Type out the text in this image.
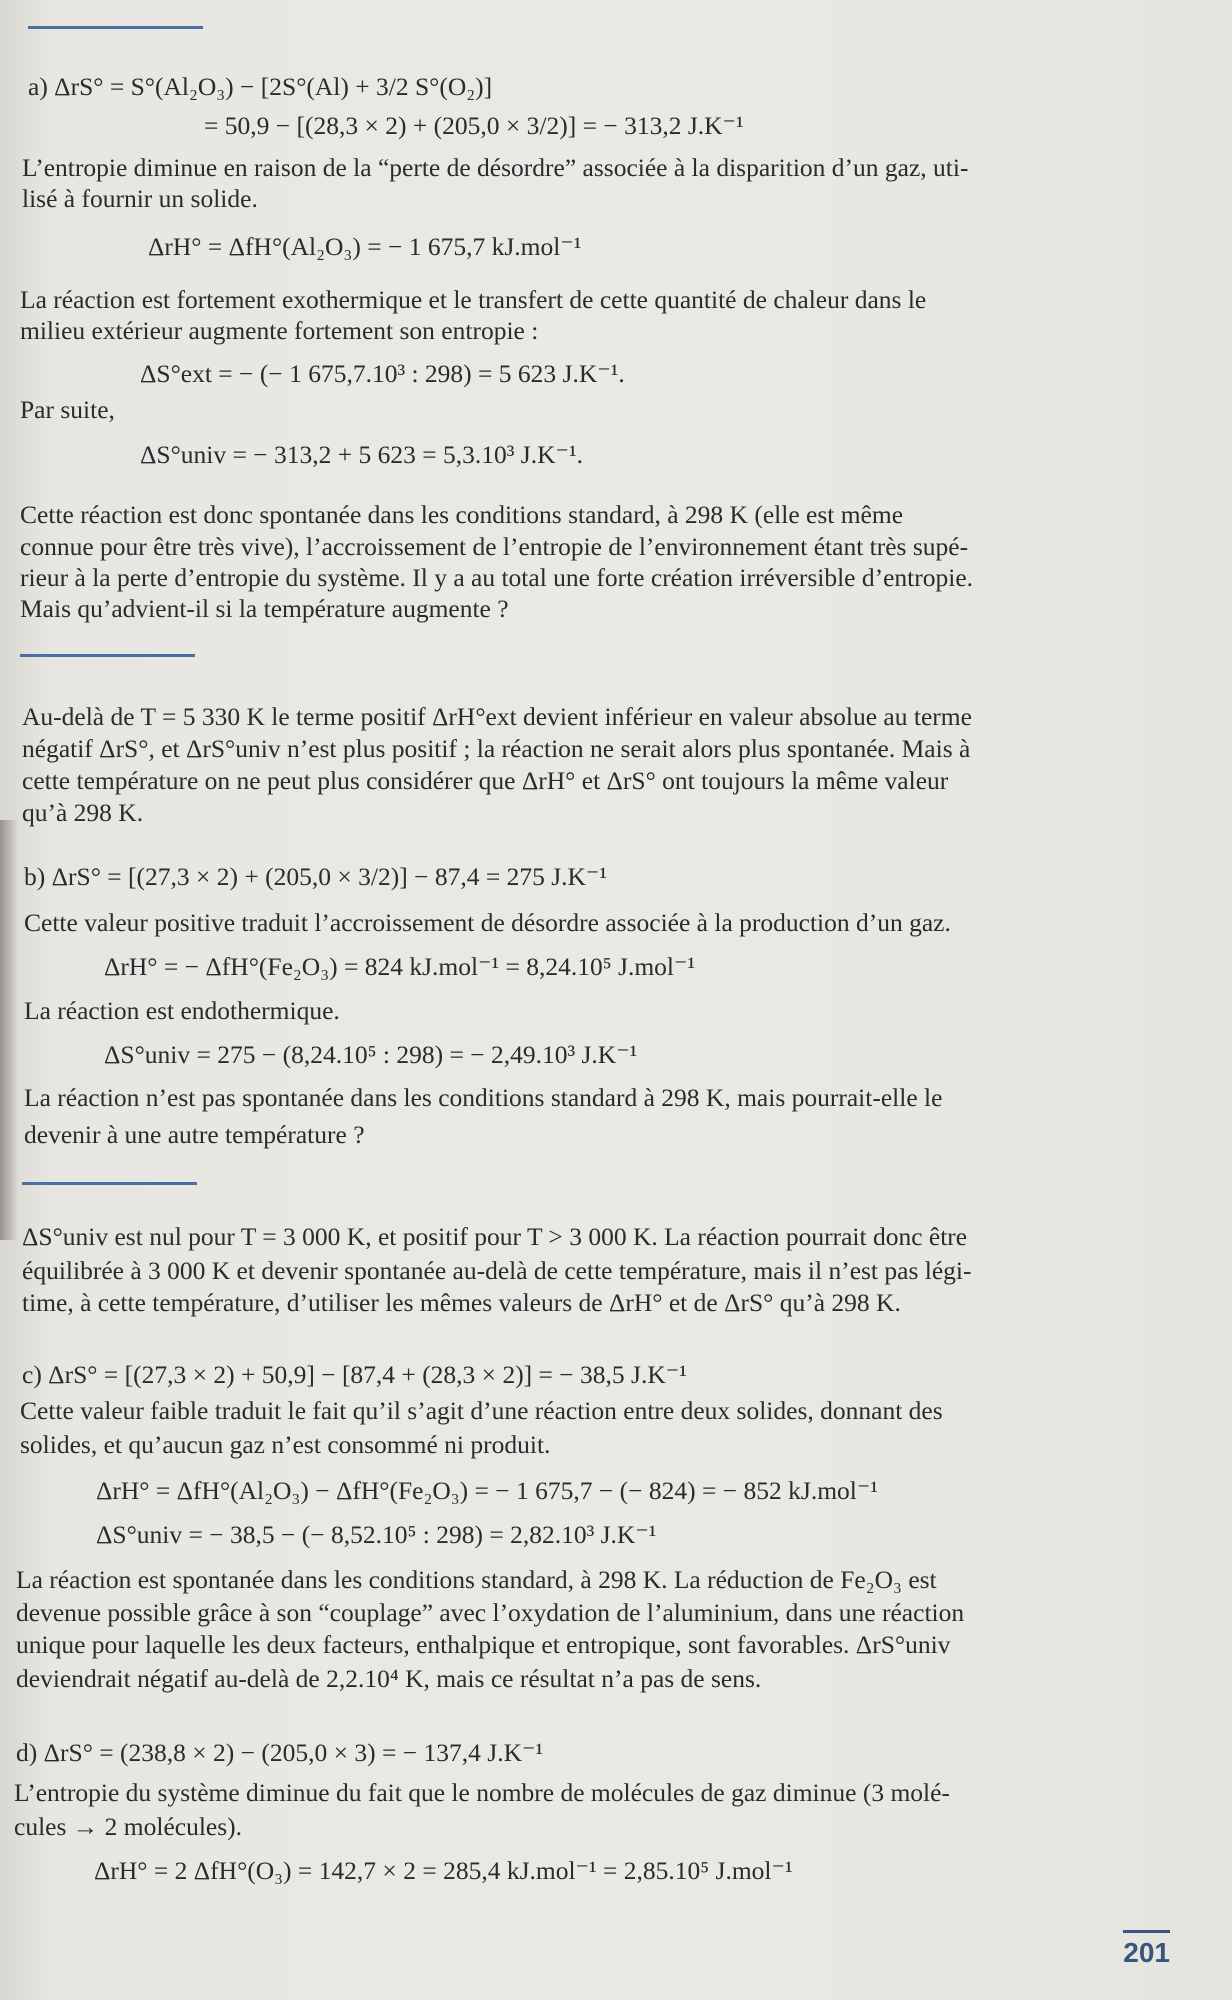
a) ΔrS° = S°(Al₂O₃) − [2S°(Al) + 3/2 S°(O₂)]
= 50,9 − [(28,3 × 2) + (205,0 × 3/2)] = − 313,2 J.K⁻¹
L’entropie diminue en raison de la “perte de désordre” associée à la disparition d’un gaz, uti-
lisé à fournir un solide.
ΔrH° = ΔfH°(Al₂O₃) = − 1 675,7 kJ.mol⁻¹
La réaction est fortement exothermique et le transfert de cette quantité de chaleur dans le
milieu extérieur augmente fortement son entropie :
ΔS°ext = − (− 1 675,7.10³ : 298) = 5 623 J.K⁻¹.
Par suite,
ΔS°univ = − 313,2 + 5 623 = 5,3.10³ J.K⁻¹.
Cette réaction est donc spontanée dans les conditions standard, à 298 K (elle est même
connue pour être très vive), l’accroissement de l’entropie de l’environnement étant très supé-
rieur à la perte d’entropie du système. Il y a au total une forte création irréversible d’entropie.
Mais qu’advient-il si la température augmente ?
Au-delà de T = 5 330 K le terme positif ΔrH°ext devient inférieur en valeur absolue au terme
négatif ΔrS°, et ΔrS°univ n’est plus positif ; la réaction ne serait alors plus spontanée. Mais à
cette température on ne peut plus considérer que ΔrH° et ΔrS° ont toujours la même valeur
qu’à 298 K.
b) ΔrS° = [(27,3 × 2) + (205,0 × 3/2)] − 87,4 = 275 J.K⁻¹
Cette valeur positive traduit l’accroissement de désordre associée à la production d’un gaz.
ΔrH° = − ΔfH°(Fe₂O₃) = 824 kJ.mol⁻¹ = 8,24.10⁵ J.mol⁻¹
La réaction est endothermique.
ΔS°univ = 275 − (8,24.10⁵ : 298) = − 2,49.10³ J.K⁻¹
La réaction n’est pas spontanée dans les conditions standard à 298 K, mais pourrait-elle le
devenir à une autre température ?
ΔS°univ est nul pour T = 3 000 K, et positif pour T > 3 000 K. La réaction pourrait donc être
équilibrée à 3 000 K et devenir spontanée au-delà de cette température, mais il n’est pas légi-
time, à cette température, d’utiliser les mêmes valeurs de ΔrH° et de ΔrS° qu’à 298 K.
c) ΔrS° = [(27,3 × 2) + 50,9] − [87,4 + (28,3 × 2)] = − 38,5 J.K⁻¹
Cette valeur faible traduit le fait qu’il s’agit d’une réaction entre deux solides, donnant des
solides, et qu’aucun gaz n’est consommé ni produit.
ΔrH° = ΔfH°(Al₂O₃) − ΔfH°(Fe₂O₃) = − 1 675,7 − (− 824) = − 852 kJ.mol⁻¹
ΔS°univ = − 38,5 − (− 8,52.10⁵ : 298) = 2,82.10³ J.K⁻¹
La réaction est spontanée dans les conditions standard, à 298 K. La réduction de Fe₂O₃ est
devenue possible grâce à son “couplage” avec l’oxydation de l’aluminium, dans une réaction
unique pour laquelle les deux facteurs, enthalpique et entropique, sont favorables. ΔrS°univ
deviendrait négatif au-delà de 2,2.10⁴ K, mais ce résultat n’a pas de sens.
d) ΔrS° = (238,8 × 2) − (205,0 × 3) = − 137,4 J.K⁻¹
L’entropie du système diminue du fait que le nombre de molécules de gaz diminue (3 molé-
cules → 2 molécules).
ΔrH° = 2 ΔfH°(O₃) = 142,7 × 2 = 285,4 kJ.mol⁻¹ = 2,85.10⁵ J.mol⁻¹
201
